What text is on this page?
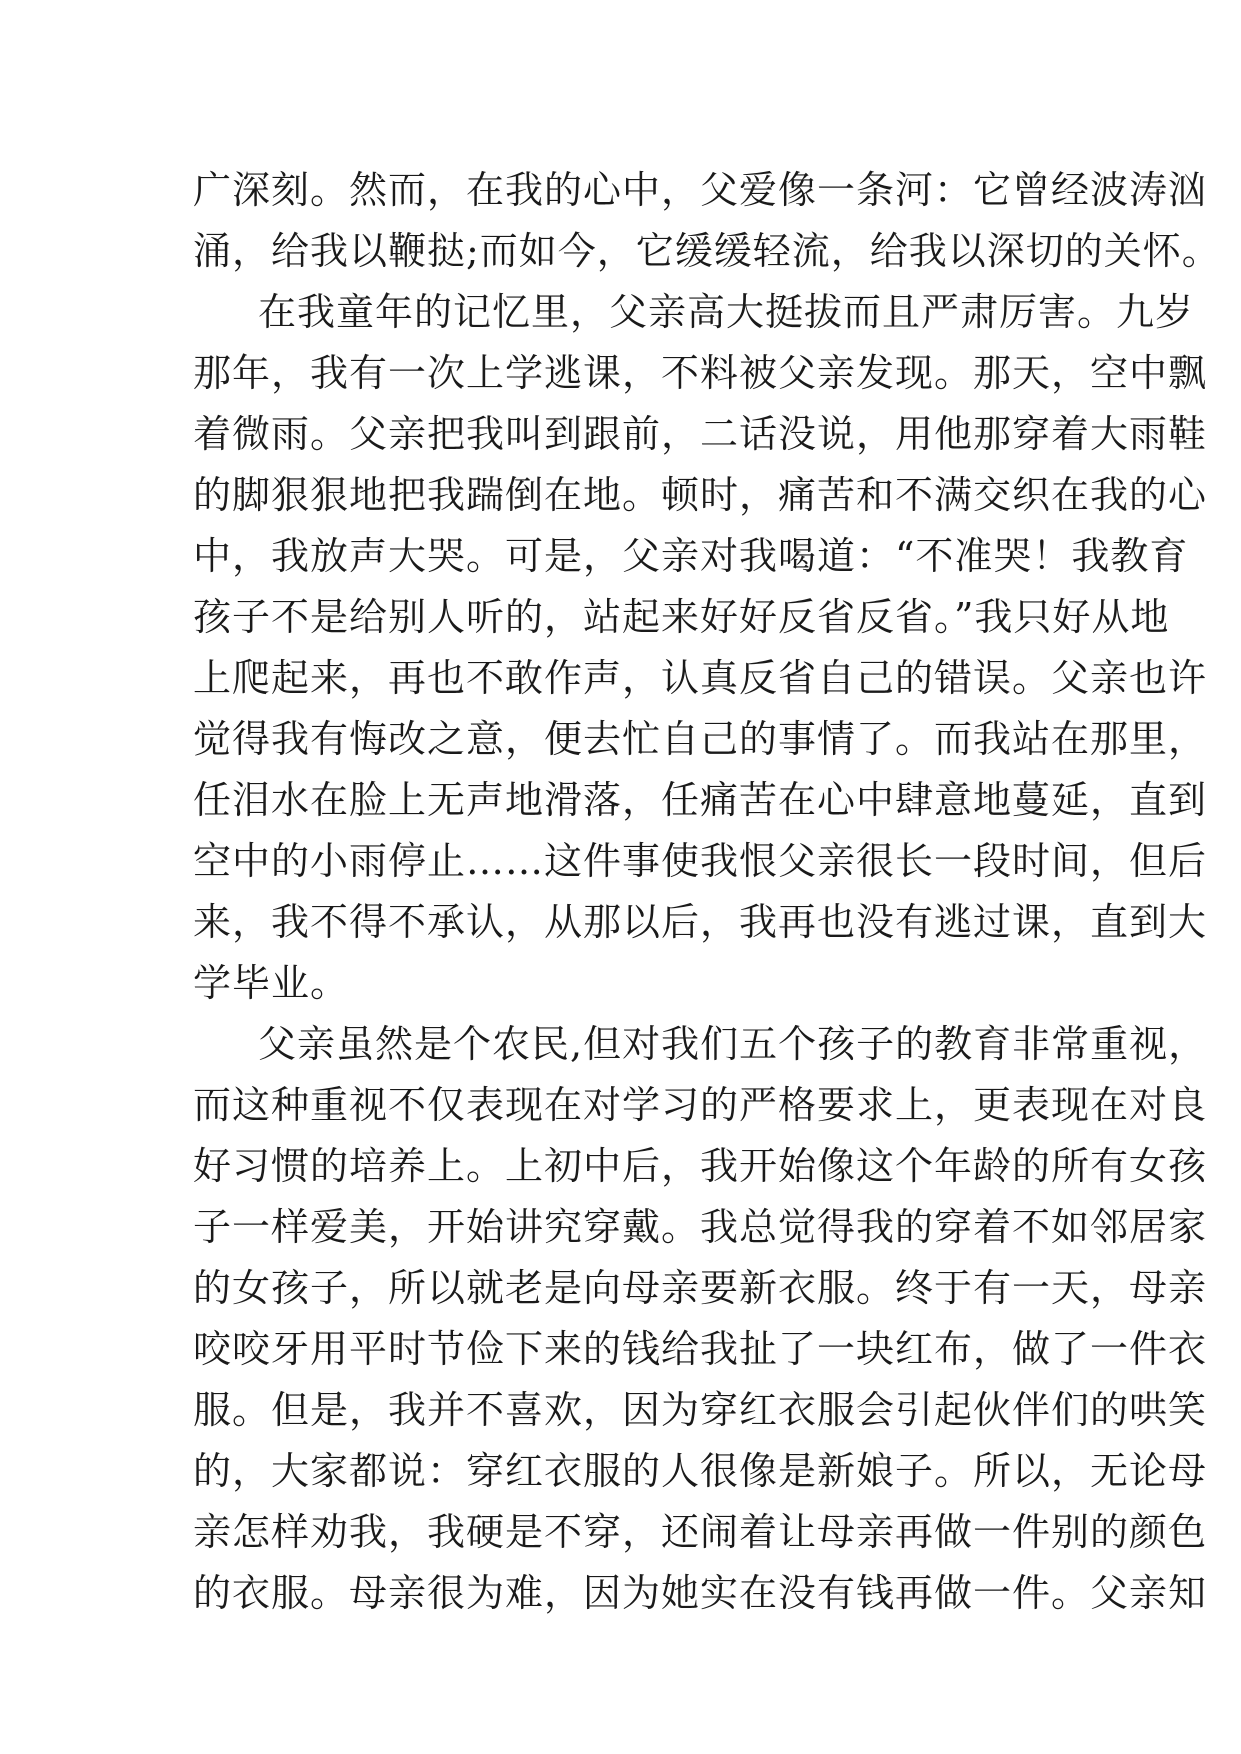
广深刻。然而，在我的心中，父爱像一条河：它曾经波涛汹
涌，给我以鞭挞;而如今，它缓缓轻流，给我以深切的关怀。
在我童年的记忆里，父亲高大挺拔而且严肃厉害。九岁
那年，我有一次上学逃课，不料被父亲发现。那天，空中飘
着微雨。父亲把我叫到跟前，二话没说，用他那穿着大雨鞋
的脚狠狠地把我踹倒在地。顿时，痛苦和不满交织在我的心
中，我放声大哭。可是，父亲对我喝道：“不准哭！我教育
孩子不是给别人听的，站起来好好反省反省。”我只好从地
上爬起来，再也不敢作声，认真反省自己的错误。父亲也许
觉得我有悔改之意，便去忙自己的事情了。而我站在那里，
任泪水在脸上无声地滑落，任痛苦在心中肆意地蔓延，直到
空中的小雨停止……这件事使我恨父亲很长一段时间，但后
来，我不得不承认，从那以后，我再也没有逃过课，直到大
学毕业。
父亲虽然是个农民,但对我们五个孩子的教育非常重视，
而这种重视不仅表现在对学习的严格要求上，更表现在对良
好习惯的培养上。上初中后，我开始像这个年龄的所有女孩
子一样爱美，开始讲究穿戴。我总觉得我的穿着不如邻居家
的女孩子，所以就老是向母亲要新衣服。终于有一天，母亲
咬咬牙用平时节俭下来的钱给我扯了一块红布，做了一件衣
服。但是，我并不喜欢，因为穿红衣服会引起伙伴们的哄笑
的，大家都说：穿红衣服的人很像是新娘子。所以，无论母
亲怎样劝我，我硬是不穿，还闹着让母亲再做一件别的颜色
的衣服。母亲很为难，因为她实在没有钱再做一件。父亲知
